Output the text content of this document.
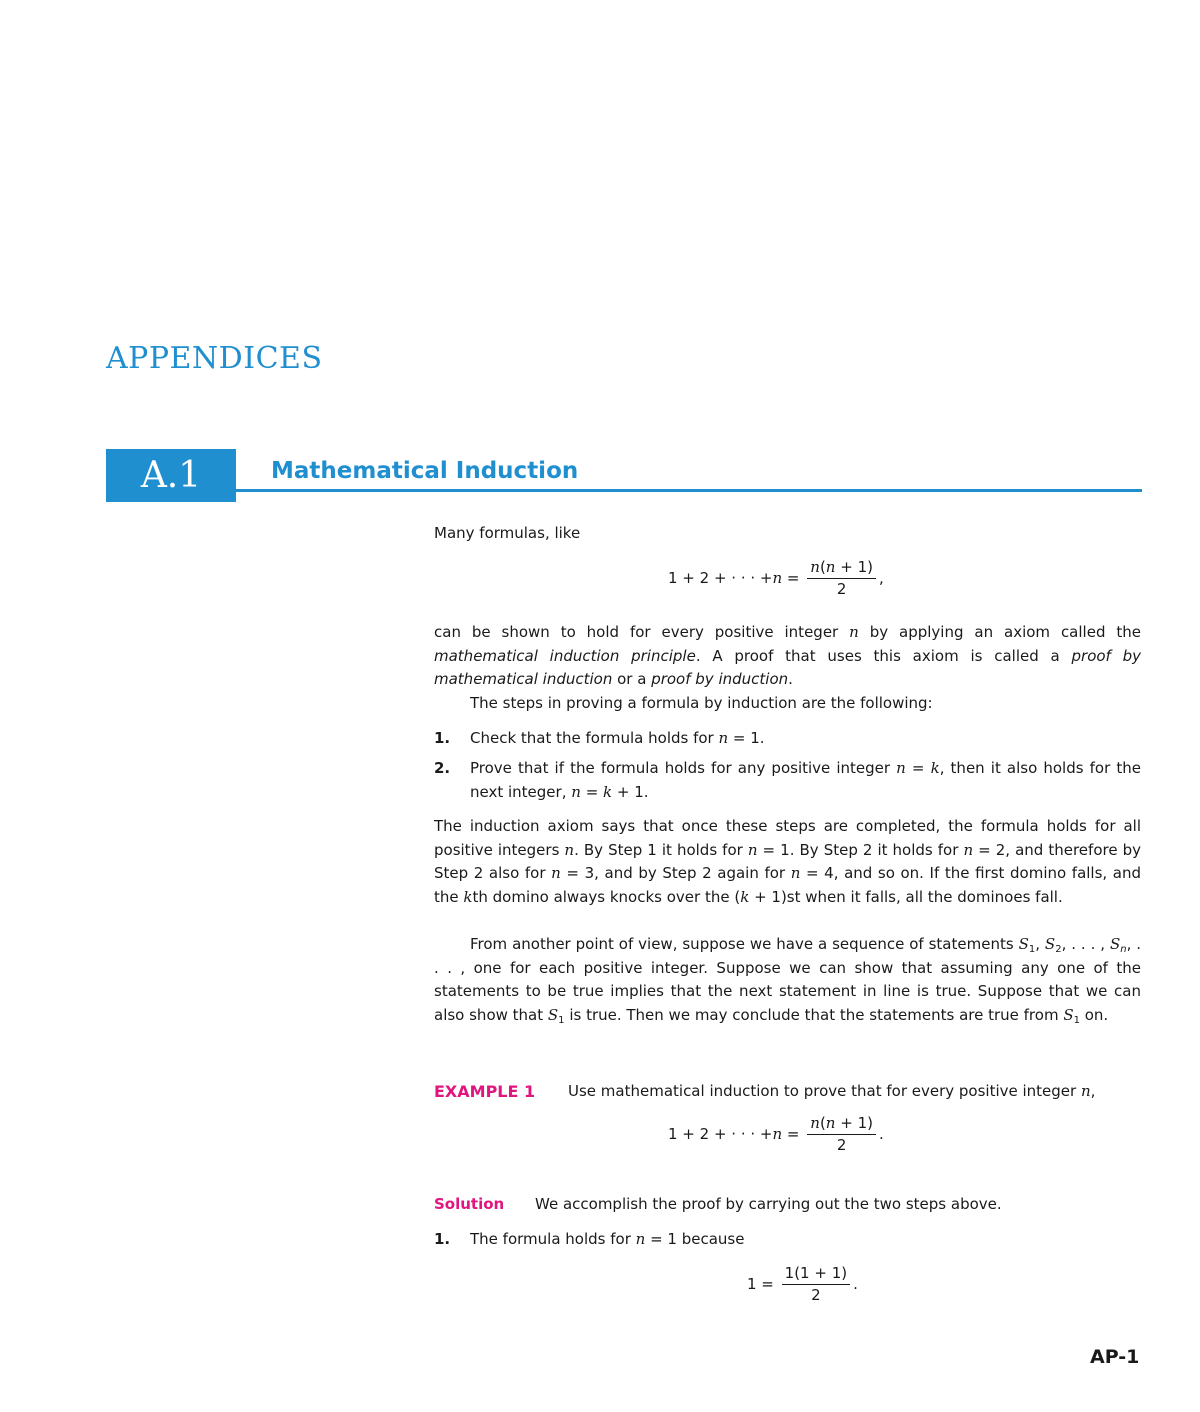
APPENDICES
A.1	Mathematical Induction

Many formulas, like

1 + 2 + · · · + $n = \frac{n(n + 1)}{2}$ ,

can be shown to hold for every positive integer n by applying an axiom called the mathematical induction principle. A proof that uses this axiom is called a proof by mathematical induction or a proof by induction.

The steps in proving a formula by induction are the following:

1. Check that the formula holds for n = 1.
2. Prove that if the formula holds for any positive integer n = k, then it also holds for the next integer, n = k + 1.

The induction axiom says that once these steps are completed, the formula holds for all positive integers n. By Step 1 it holds for n = 1. By Step 2 it holds for n = 2, and therefore by Step 2 also for n = 3, and by Step 2 again for n = 4, and so on. If the first domino falls, and the kth domino always knocks over the (k + 1)st when it falls, all the dominoes fall.

From another point of view, suppose we have a sequence of statements $S_1$, $S_2$, . . . , $S_n$, . . . , one for each positive integer. Suppose we can show that assuming any one of the statements to be true implies that the next statement in line is true. Suppose that we can also show that $S_1$ is true. Then we may conclude that the statements are true from $S_1$ on.

EXAMPLE 1 Use mathematical induction to prove that for every positive integer n,
1 + 2 + · · · + $n = \frac{n(n + 1)}{2}$ .
Solution We accomplish the proof by carrying out the two steps above.
1. The formula holds for n = 1 because
$1 = \frac{1(1 + 1)}{2}$ .
AP-1
